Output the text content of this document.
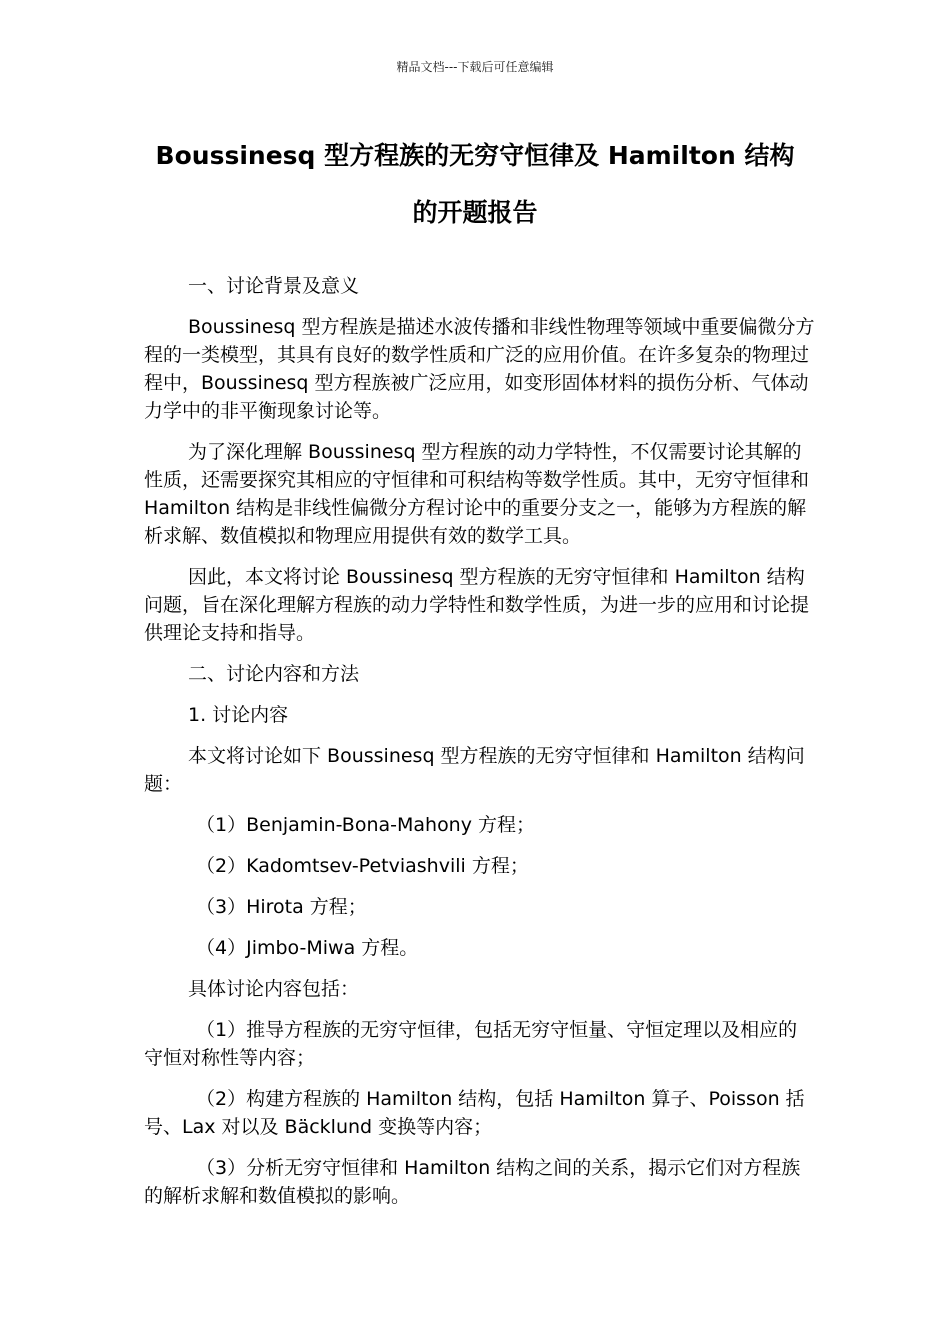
精品文档---下载后可任意编辑
Boussinesq 型方程族的无穷守恒律及 Hamilton 结构
的开题报告

一、讨论背景及意义

Boussinesq 型方程族是描述水波传播和非线性物理等领域中重要偏微分方程的一类模型，其具有良好的数学性质和广泛的应用价值。在许多复杂的物理过程中，Boussinesq 型方程族被广泛应用，如变形固体材料的损伤分析、气体动力学中的非平衡现象讨论等。

为了深化理解 Boussinesq 型方程族的动力学特性，不仅需要讨论其解的性质，还需要探究其相应的守恒律和可积结构等数学性质。其中，无穷守恒律和 Hamilton 结构是非线性偏微分方程讨论中的重要分支之一，能够为方程族的解析求解、数值模拟和物理应用提供有效的数学工具。

因此，本文将讨论 Boussinesq 型方程族的无穷守恒律和 Hamilton 结构问题，旨在深化理解方程族的动力学特性和数学性质，为进一步的应用和讨论提供理论支持和指导。

二、讨论内容和方法

1. 讨论内容

本文将讨论如下 Boussinesq 型方程族的无穷守恒律和 Hamilton 结构问题：

（1）Benjamin-Bona-Mahony 方程；

（2）Kadomtsev-Petviashvili 方程；

（3）Hirota 方程；

（4）Jimbo-Miwa 方程。

具体讨论内容包括：

（1）推导方程族的无穷守恒律，包括无穷守恒量、守恒定理以及相应的守恒对称性等内容；

（2）构建方程族的 Hamilton 结构，包括 Hamilton 算子、Poisson 括号、Lax 对以及 Bäcklund 变换等内容；

（3）分析无穷守恒律和 Hamilton 结构之间的关系，揭示它们对方程族的解析求解和数值模拟的影响。
